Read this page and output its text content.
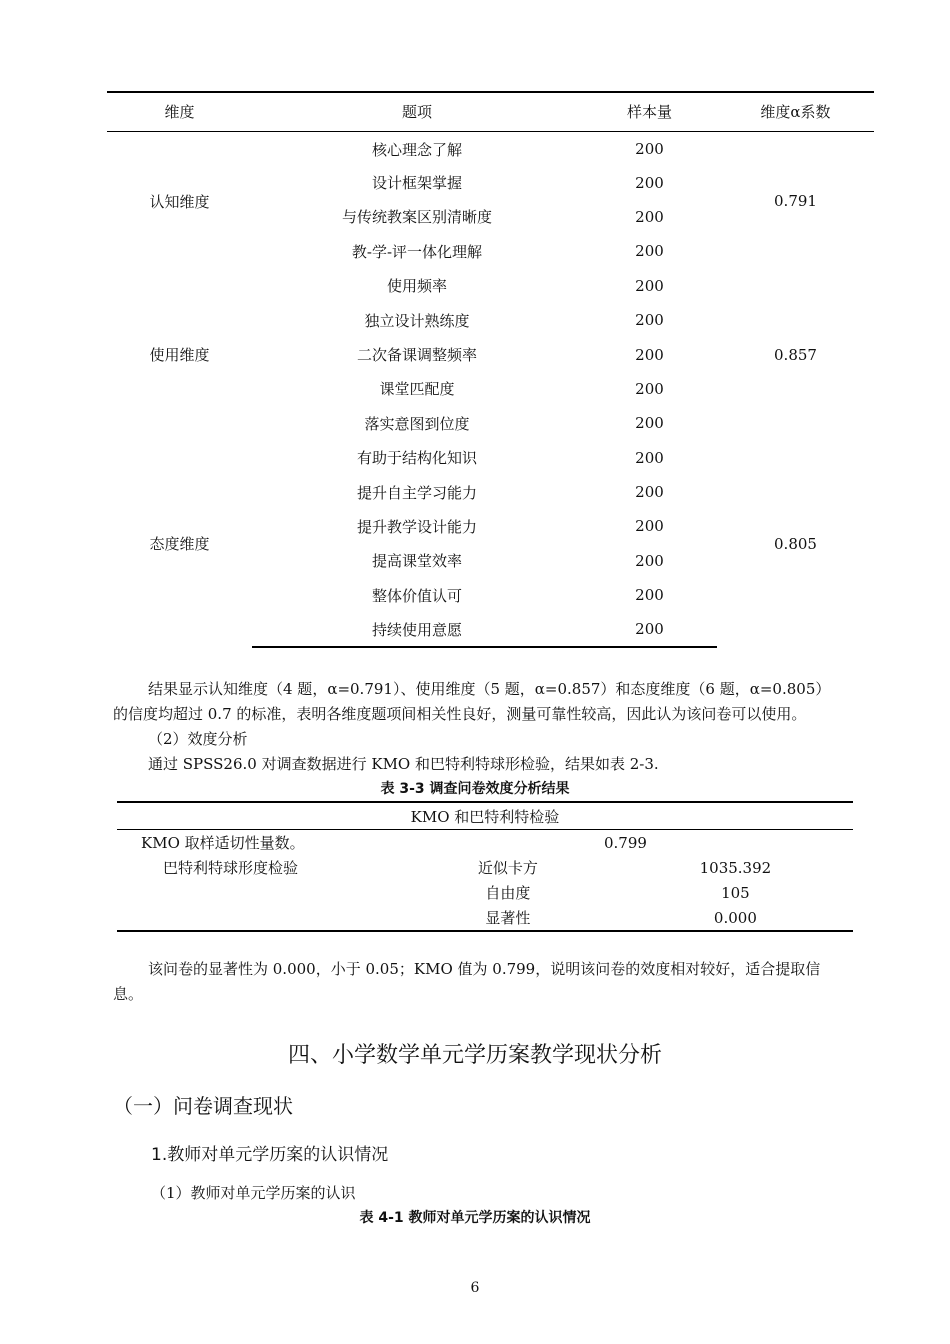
维度	题项	样本量	维度α系数
认知维度	核心理念了解	200	0.791
	设计框架掌握	200	
	与传统教案区别清晰度	200	
	教-学-评一体化理解	200	
使用维度	使用频率	200	0.857
	独立设计熟练度	200	
	二次备课调整频率	200	
	课堂匹配度	200	
	落实意图到位度	200	
态度维度	有助于结构化知识	200	0.805
	提升自主学习能力	200	
	提升教学设计能力	200	
	提高课堂效率	200	
	整体价值认可	200	
	持续使用意愿	200	
结果显示认知维度（4 题，α=0.791）、使用维度（5 题，α=0.857）和态度维度（6 题，α=0.805）
的信度均超过 0.7 的标准，表明各维度题项间相关性良好，测量可靠性较高，因此认为该问卷可以使用。
（2）效度分析
通过 SPSS26.0 对调查数据进行 KMO 和巴特利特球形检验，结果如表 2-3.
表 3-3 调查问卷效度分析结果
KMO 和巴特利特检验		
KMO 取样适切性量数。	0.799	
巴特利特球形度检验	近似卡方	1035.392
	自由度	105
	显著性	0.000
该问卷的显著性为 0.000，小于 0.05；KMO 值为 0.799，说明该问卷的效度相对较好，适合提取信
息。
四、小学数学单元学历案教学现状分析
（一）问卷调查现状
1.教师对单元学历案的认识情况
（1）教师对单元学历案的认识
表 4-1 教师对单元学历案的认识情况
6
